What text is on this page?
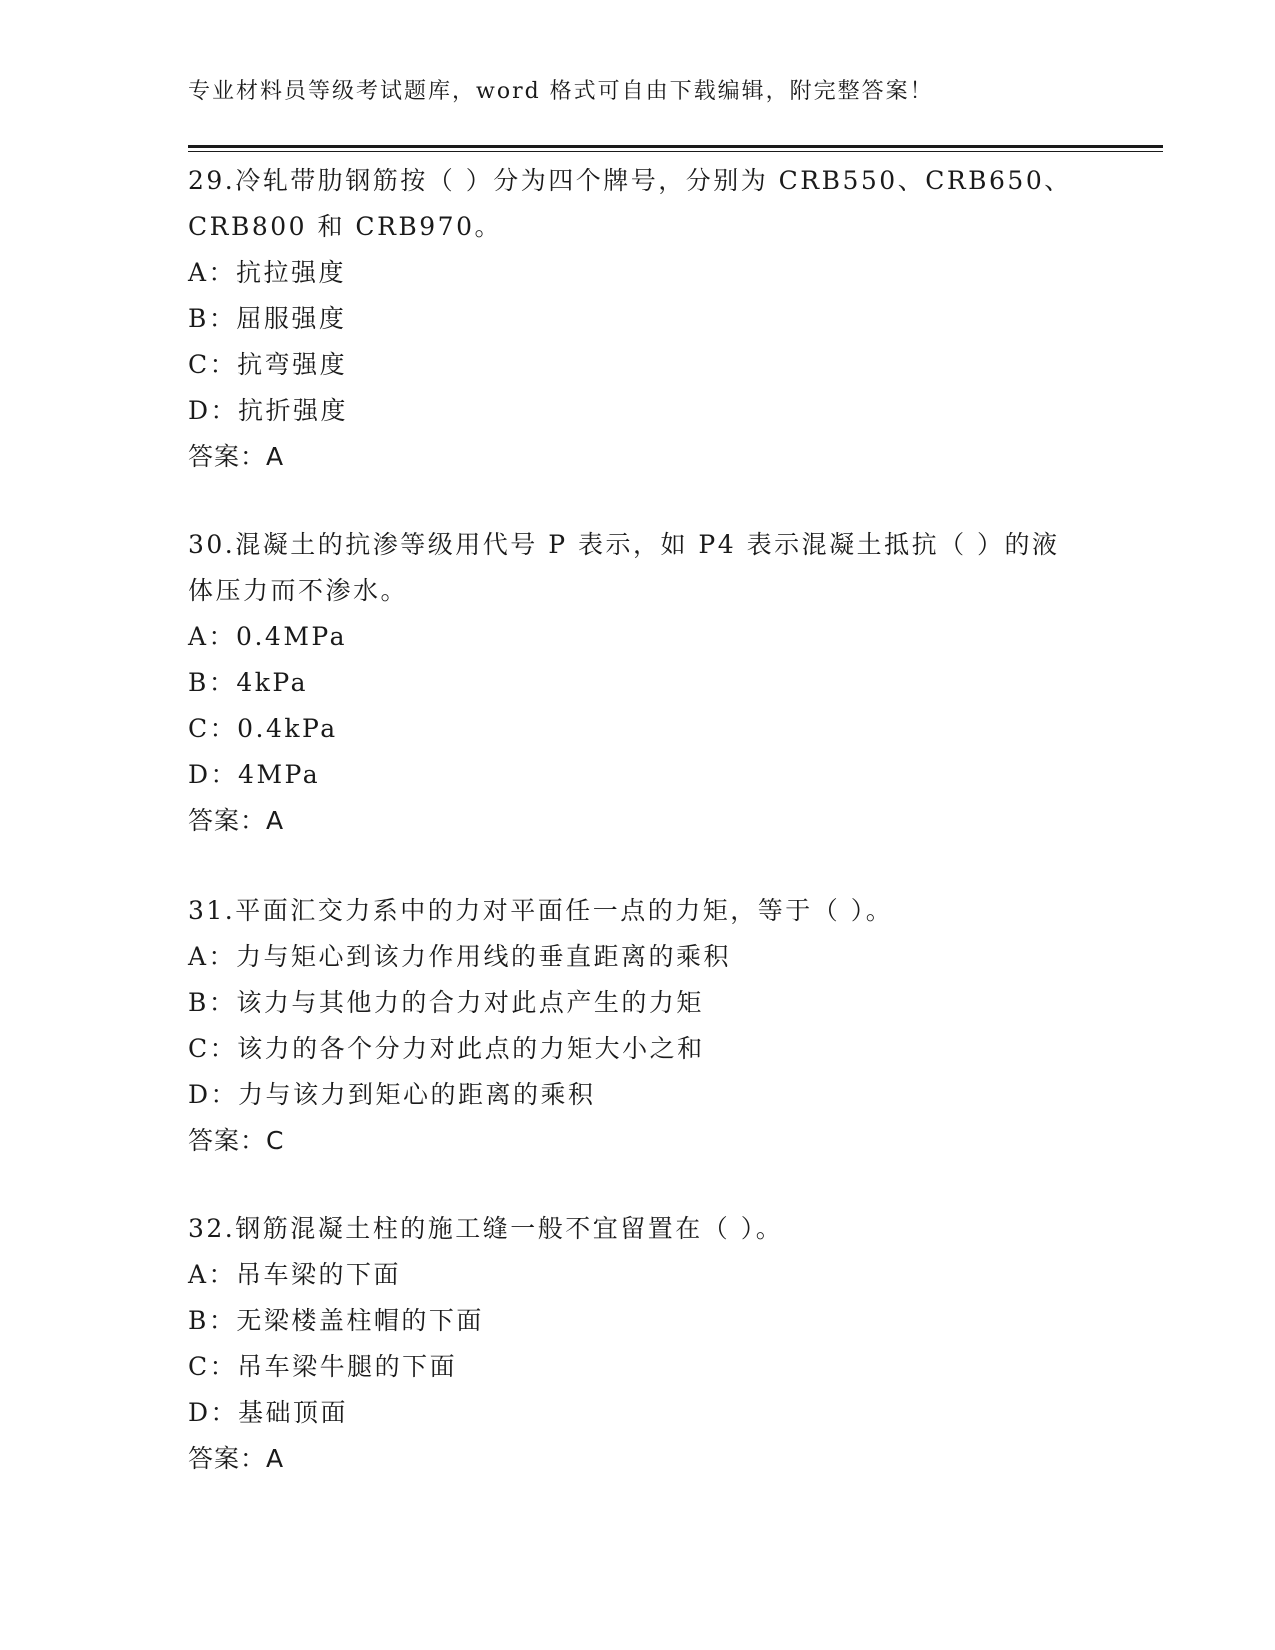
专业材料员等级考试题库，word 格式可自由下载编辑，附完整答案！
29.冷轧带肋钢筋按（ ）分为四个牌号，分别为 CRB550、CRB650、
CRB800 和 CRB970。
A：抗拉强度
B：屈服强度
C：抗弯强度
D：抗折强度
答案：A
30.混凝土的抗渗等级用代号 P 表示，如 P4 表示混凝土抵抗（ ）的液
体压力而不渗水。
A：0.4MPa
B：4kPa
C：0.4kPa
D：4MPa
答案：A
31.平面汇交力系中的力对平面任一点的力矩，等于（ ）。
A：力与矩心到该力作用线的垂直距离的乘积
B：该力与其他力的合力对此点产生的力矩
C：该力的各个分力对此点的力矩大小之和
D：力与该力到矩心的距离的乘积
答案：C
32.钢筋混凝土柱的施工缝一般不宜留置在（ ）。
A：吊车梁的下面
B：无梁楼盖柱帽的下面
C：吊车梁牛腿的下面
D：基础顶面
答案：A
